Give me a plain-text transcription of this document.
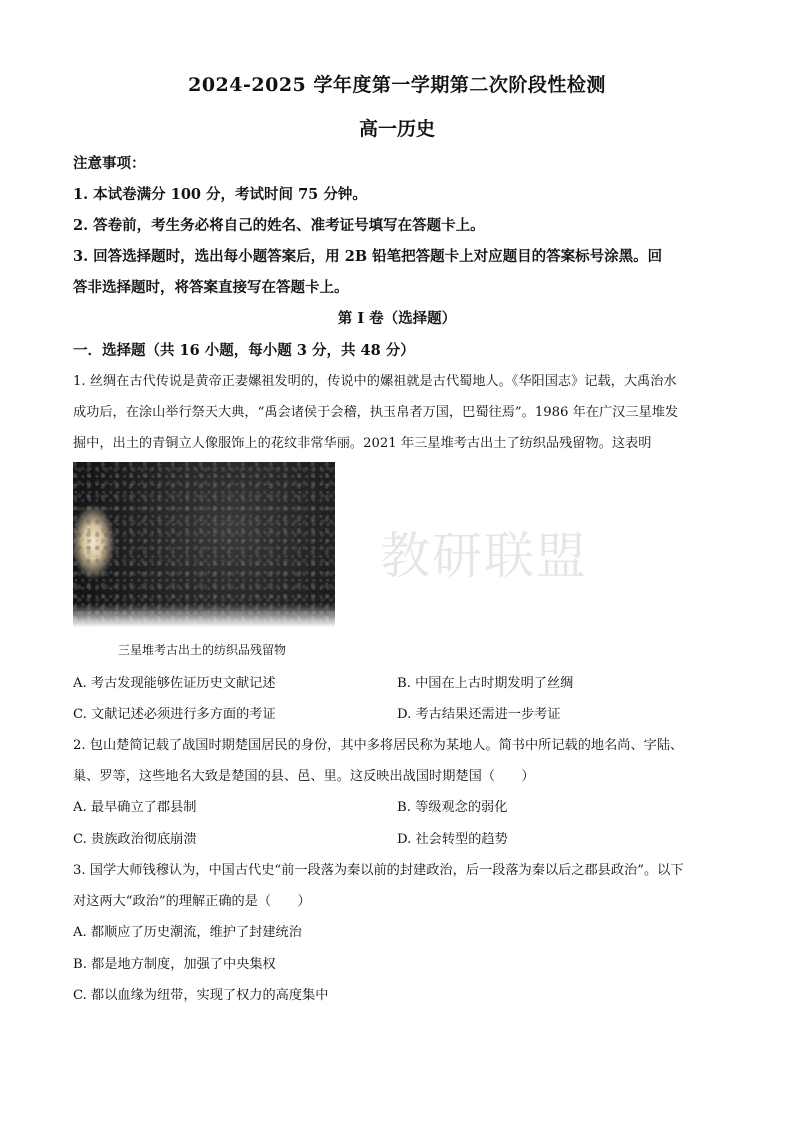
2024-2025 学年度第一学期第二次阶段性检测
高一历史
注意事项：
1. 本试卷满分 100 分，考试时间 75 分钟。
2. 答卷前，考生务必将自己的姓名、准考证号填写在答题卡上。
3. 回答选择题时，选出每小题答案后，用 2B 铅笔把答题卡上对应题目的答案标号涂黑。回
答非选择题时，将答案直接写在答题卡上。
第 I 卷（选择题）
一．选择题（共 16 小题，每小题 3 分，共 48 分）
1. 丝绸在古代传说是黄帝正妻嫘祖发明的，传说中的嫘祖就是古代蜀地人。《华阳国志》记载，大禹治水
成功后，在涂山举行祭天大典，“禹会诸侯于会稽，执玉帛者万国，巴蜀往焉”。1986 年在广汉三星堆发
掘中，出土的青铜立人像服饰上的花纹非常华丽。2021 年三星堆考古出土了纺织品残留物。这表明
教研联盟
三星堆考古出土的纺织品残留物
A. 考古发现能够佐证历史文献记述	B. 中国在上古时期发明了丝绸
C. 文献记述必须进行多方面的考证	D. 考古结果还需进一步考证
2. 包山楚简记载了战国时期楚国居民的身份，其中多将居民称为某地人。简书中所记载的地名尚、字陆、
巢、罗等，这些地名大致是楚国的县、邑、里。这反映出战国时期楚国（　　）
A. 最早确立了郡县制	B. 等级观念的弱化
C. 贵族政治彻底崩溃	D. 社会转型的趋势
3. 国学大师钱穆认为，中国古代史“前一段落为秦以前的封建政治，后一段落为秦以后之郡县政治”。以下
对这两大“政治”的理解正确的是（　　）
A. 都顺应了历史潮流，维护了封建统治
B. 都是地方制度，加强了中央集权
C. 都以血缘为纽带，实现了权力的高度集中
